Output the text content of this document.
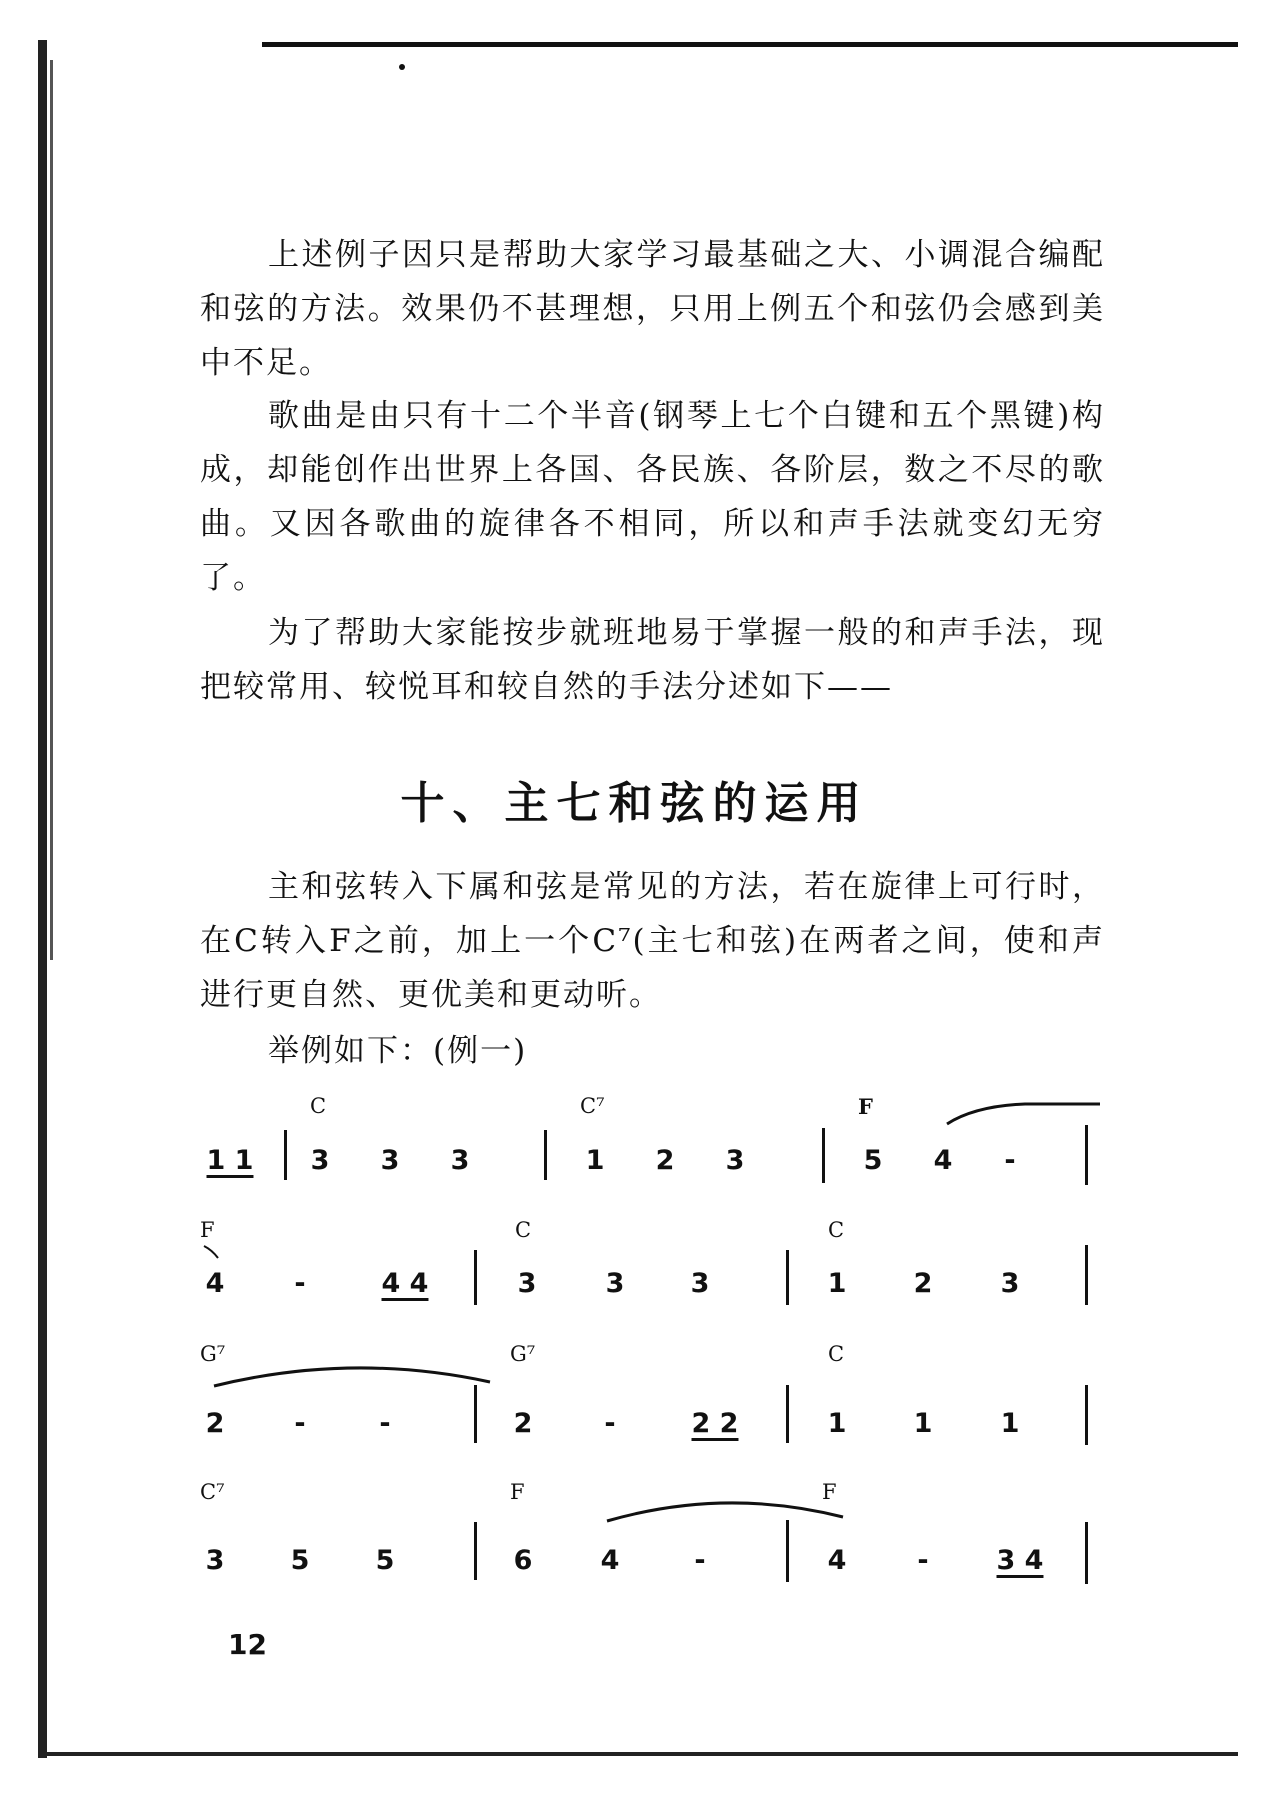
上述例子因只是帮助大家学习最基础之大、小调混合编配和弦的方法。效果仍不甚理想，只用上例五个和弦仍会感到美中不足。

歌曲是由只有十二个半音(钢琴上七个白键和五个黑键)构成，却能创作出世界上各国、各民族、各阶层，数之不尽的歌曲。又因各歌曲的旋律各不相同，所以和声手法就变幻无穷了。

为了帮助大家能按步就班地易于掌握一般的和声手法，现把较常用、较悦耳和较自然的手法分述如下——

十、主七和弦的运用

主和弦转入下属和弦是常见的方法，若在旋律上可行时，在C转入F之前，加上一个C⁷(主七和弦)在两者之间，使和声进行更自然、更优美和更动听。

举例如下：(例一)

C	C⁷	F
1 1 3 3 3	1 2 3	5 4	-
F	C	C
4	-	4 4	3	3 3	1 2	3
G⁷	G⁷	C
2	-	-	2	-	2 2	1 1	1
C⁷	F	F
3 5 5	6	4	-	4	-	3 4
12
